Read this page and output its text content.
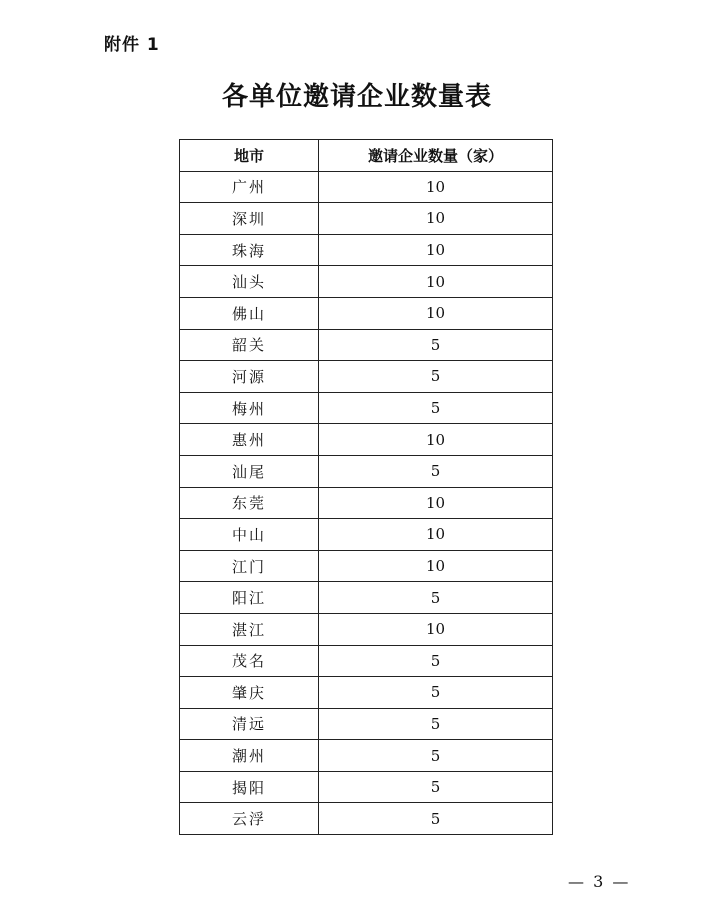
附件 1
各单位邀请企业数量表
地市	邀请企业数量（家）
广州	10
深圳	10
珠海	10
汕头	10
佛山	10
韶关	5
河源	5
梅州	5
惠州	10
汕尾	5
东莞	10
中山	10
江门	10
阳江	5
湛江	10
茂名	5
肇庆	5
清远	5
潮州	5
揭阳	5
云浮	5
— 3 —
